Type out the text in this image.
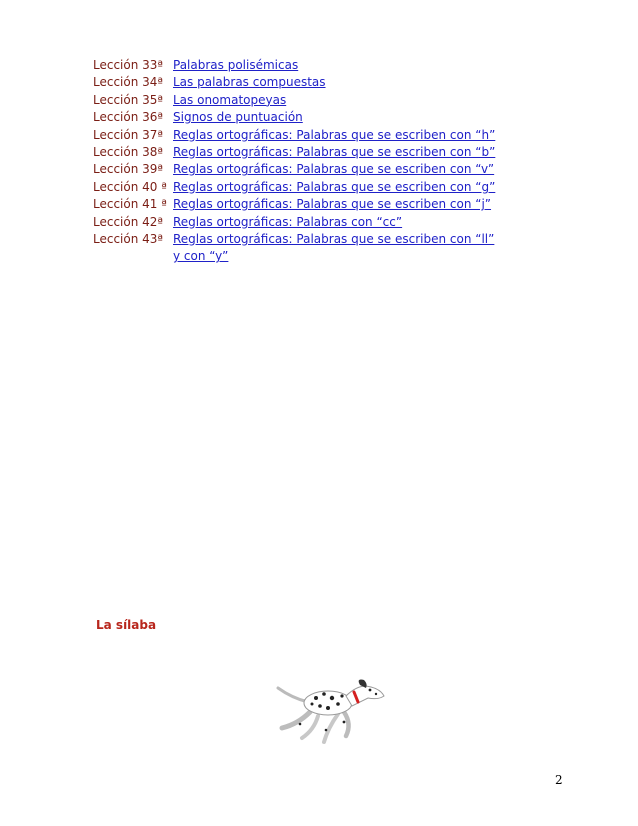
Lección 33ª Palabras polisémicas
Lección 34ª Las palabras compuestas
Lección 35ª Las onomatopeyas
Lección 36ª Signos de puntuación
Lección 37ª Reglas ortográficas: Palabras que se escriben con “h”
Lección 38ª Reglas ortográficas: Palabras que se escriben con “b”
Lección 39ª Reglas ortográficas: Palabras que se escriben con “v”
Lección 40 ª Reglas ortográficas: Palabras que se escriben con “g”
Lección 41 ª Reglas ortográficas: Palabras que se escriben con “j”
Lección 42ª Reglas ortográficas: Palabras con “cc”
Lección 43ª Reglas ortográficas: Palabras que se escriben con “ll” y con “y”
La sílaba
2
